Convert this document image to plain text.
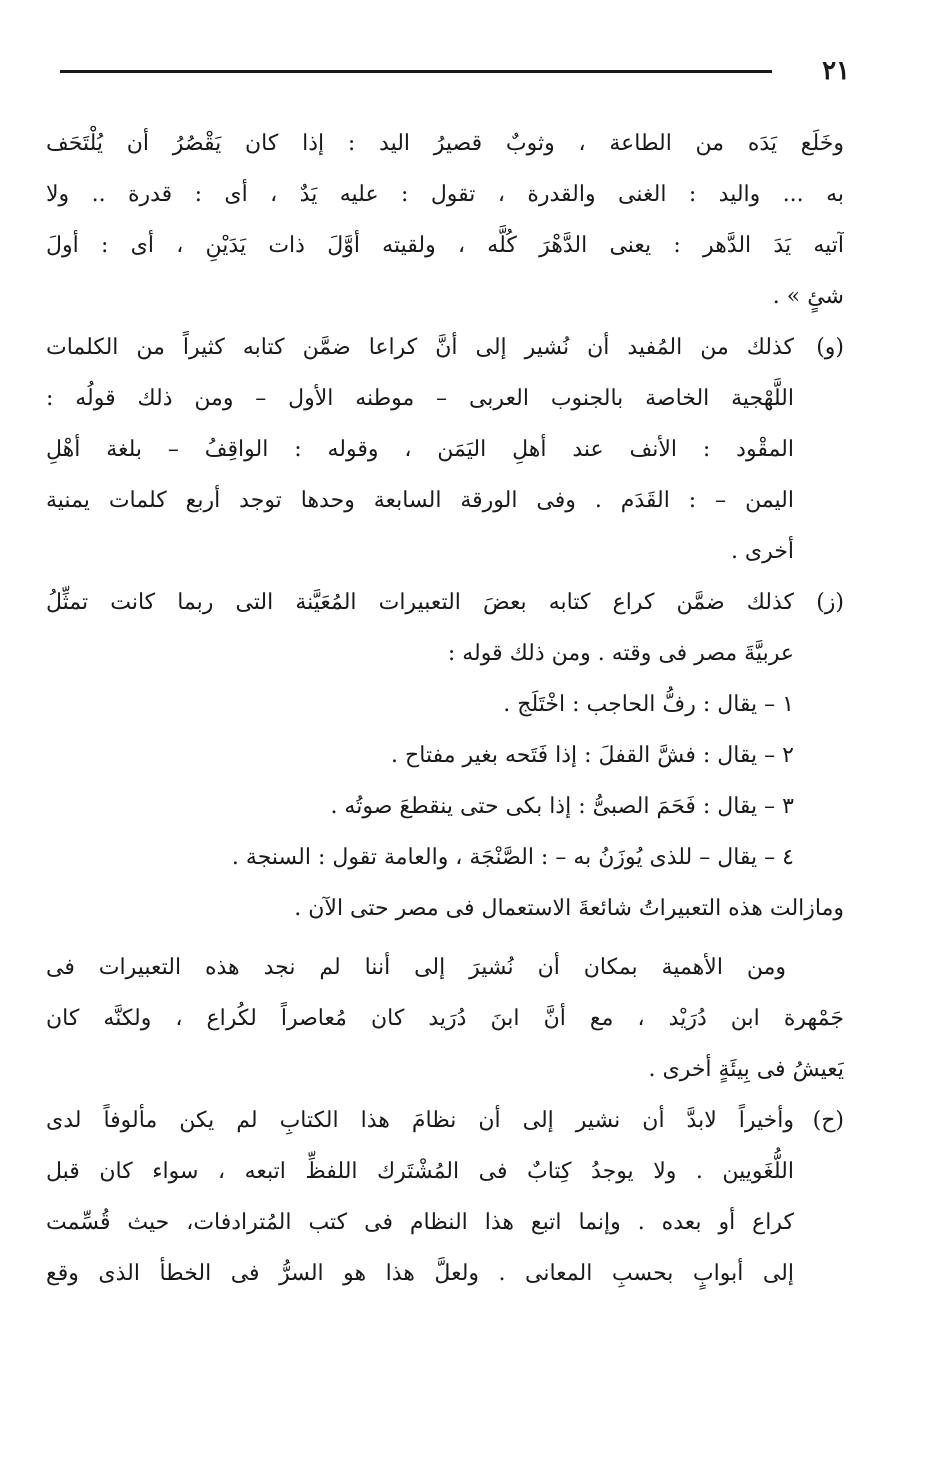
٢١
وخَلَع يَدَه من الطاعة ، وثوبٌ قصيرُ اليد : إذا كان يَقْصُرُ أن يُلْتَحَف
به ... واليد : الغنى والقدرة ، تقول : عليه يَدٌ ، أى : قدرة .. ولا
آتيه يَدَ الدَّهر : يعنى الدَّهْرَ كُلَّه ، ولقيته أوَّلَ ذات يَدَيْنِ ، أى : أولَ
شئٍ » .
(و)
كذلك من المُفيد أن نُشير إلى أنَّ كراعا ضمَّن كتابه كثيراً من الكلمات
اللَّهْجية الخاصة بالجنوب العربى – موطنه الأول – ومن ذلك قولُه :
المقْود : الأنف عند أهلِ اليَمَن ، وقوله : الواقِفُ – بلغة أهْلِ
اليمن – : القَدَم . وفى الورقة السابعة وحدها توجد أربع كلمات يمنية
أخرى .
(ز)
كذلك ضمَّن كراع كتابه بعضَ التعبيرات المُعَيَّنة التى ربما كانت تمثِّلُ
عربيَّةَ مصر فى وقته . ومن ذلك قوله :
١ – يقال : رفُّ الحاجب : اخْتَلَج .
٢ – يقال : فشَّ القفلَ : إذا فَتَحه بغير مفتاح .
٣ – يقال : فَحَمَ الصبىُّ : إذا بكى حتى ينقطعَ صوتُه .
٤ – يقال – للذى يُوزَنُ به – : الصَّنْجَة ، والعامة تقول : السنجة .
ومازالت هذه التعبيراتُ شائعةَ الاستعمال فى مصر حتى الآن .
ومن الأهمية بمكان أن نُشيرَ إلى أننا لم نجد هذه التعبيرات فى
جَمْهرة ابن دُرَيْد ، مع أنَّ ابنَ دُرَيد كان مُعاصراً لكُراع ، ولكنَّه كان
يَعيشُ فى بِيئَةٍ أخرى .
(ح)
وأخيراً لابدَّ أن نشير إلى أن نظامَ هذا الكتابِ لم يكن مألوفاً لدى
اللُّغَويين . ولا يوجدُ كِتابٌ فى المُشْتَرك اللفظِّ اتبعه ، سواء كان قبل
كراع أو بعده . وإنما اتبع هذا النظام فى كتب المُترادفات، حيث قُسِّمت
إلى أبوابٍ بحسبِ المعانى . ولعلَّ هذا هو السرُّ فى الخطأ الذى وقع
